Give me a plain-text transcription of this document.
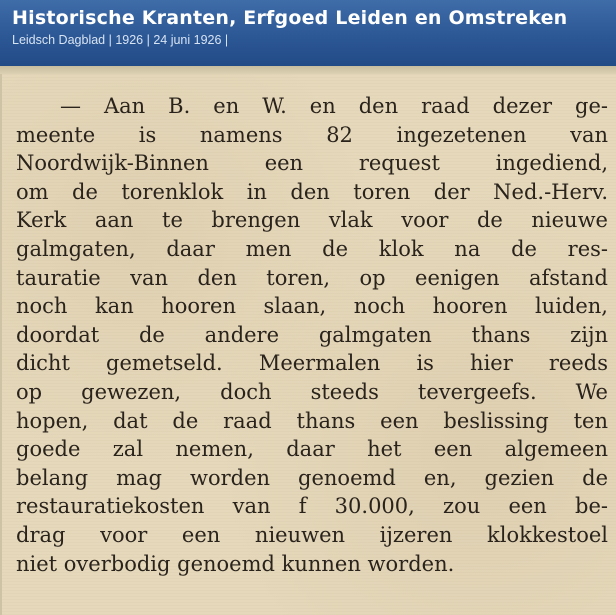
Historische Kranten, Erfgoed Leiden en Omstreken
Leidsch Dagblad | 1926 | 24 juni 1926 |
— Aan B. en W. en den raad dezer ge-
meente is namens 82 ingezetenen van
Noordwijk-Binnen een request ingediend,
om de torenklok in den toren der Ned.-Herv.
Kerk aan te brengen vlak voor de nieuwe
galmgaten, daar men de klok na de res-
tauratie van den toren, op eenigen afstand
noch kan hooren slaan, noch hooren luiden,
doordat de andere galmgaten thans zijn
dicht gemetseld. Meermalen is hier reeds
op gewezen, doch steeds tevergeefs. We
hopen, dat de raad thans een beslissing ten
goede zal nemen, daar het een algemeen
belang mag worden genoemd en, gezien de
restauratiekosten van f 30.000, zou een be-
drag voor een nieuwen ijzeren klokkestoel
niet overbodig genoemd kunnen worden.
